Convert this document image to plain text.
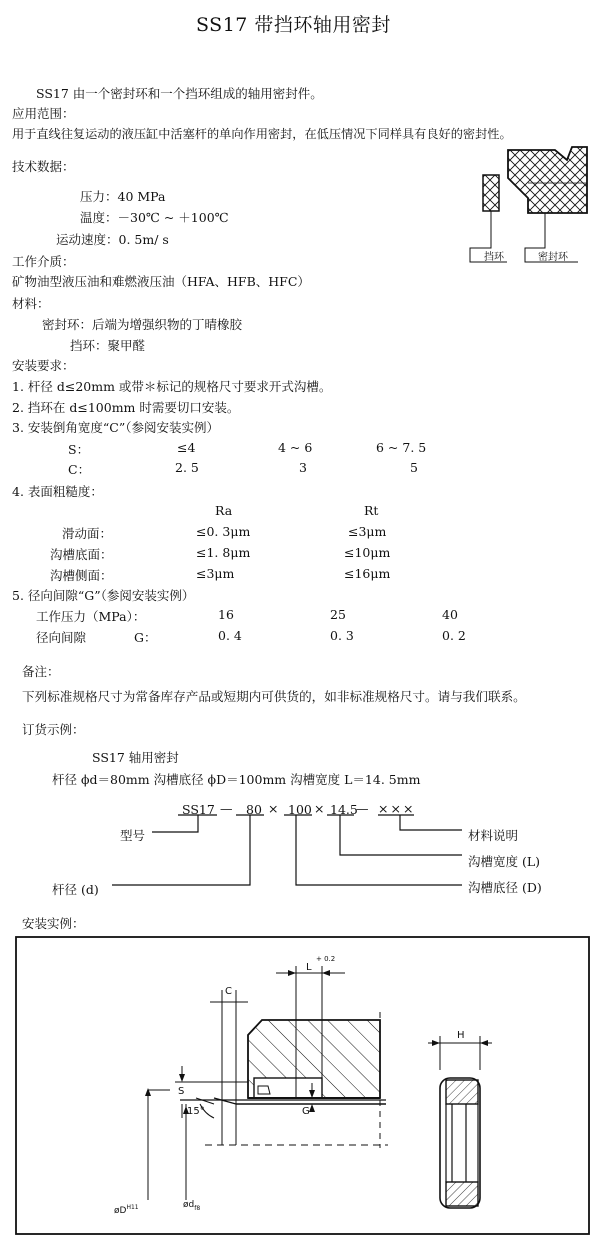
SS17 带挡环轴用密封
SS17 由一个密封环和一个挡环组成的轴用密封件。
应用范围：
用于直线往复运动的液压缸中活塞杆的单向作用密封，在低压情况下同样具有良好的密封性。
技术数据：
压力：40 MPa
温度：－30℃ ~ ＋100℃
运动速度：0. 5m/ s
工作介质：
矿物油型液压油和难燃液压油（HFA、HFB、HFC）
材料：
密封环：后端为增强织物的丁晴橡胶
挡环：聚甲醛
安装要求：
1. 杆径 d≤20mm 或带＊标记的规格尺寸要求开式沟槽。
2. 挡环在 d≤100mm 时需要切口安装。
3. 安装倒角宽度“C”（参阅安装实例）
S：	≤4	4 ~ 6	6 ~ 7. 5
C：	2. 5	3	5
4. 表面粗糙度：
Ra	Rt
滑动面：	≤0. 3μm	≤3μm
沟槽底面：	≤1. 8μm	≤10μm
沟槽侧面：	≤3μm	≤16μm
5. 径向间隙“G”（参阅安装实例）
工作压力（MPa）：	16	25	40
径向间隙	G：	0. 4	0. 3	0. 2
备注：
下列标准规格尺寸为常备库存产品或短期内可供货的，如非标准规格尺寸。请与我们联系。
订货示例：
SS17 轴用密封
杆径 ϕd＝80mm 沟槽底径 ϕD＝100mm 沟槽宽度 L＝14. 5mm
SS17 — 80 × 100 × 14.5
— ×××
型号
杆径 (d)
材料说明
沟槽宽度 (L)
沟槽底径 (D)
安装实例：
挡环	密封环
C
L
+ 0.2
S
G
15°
$øD^{H11}$	$ød_{f8}$
H
